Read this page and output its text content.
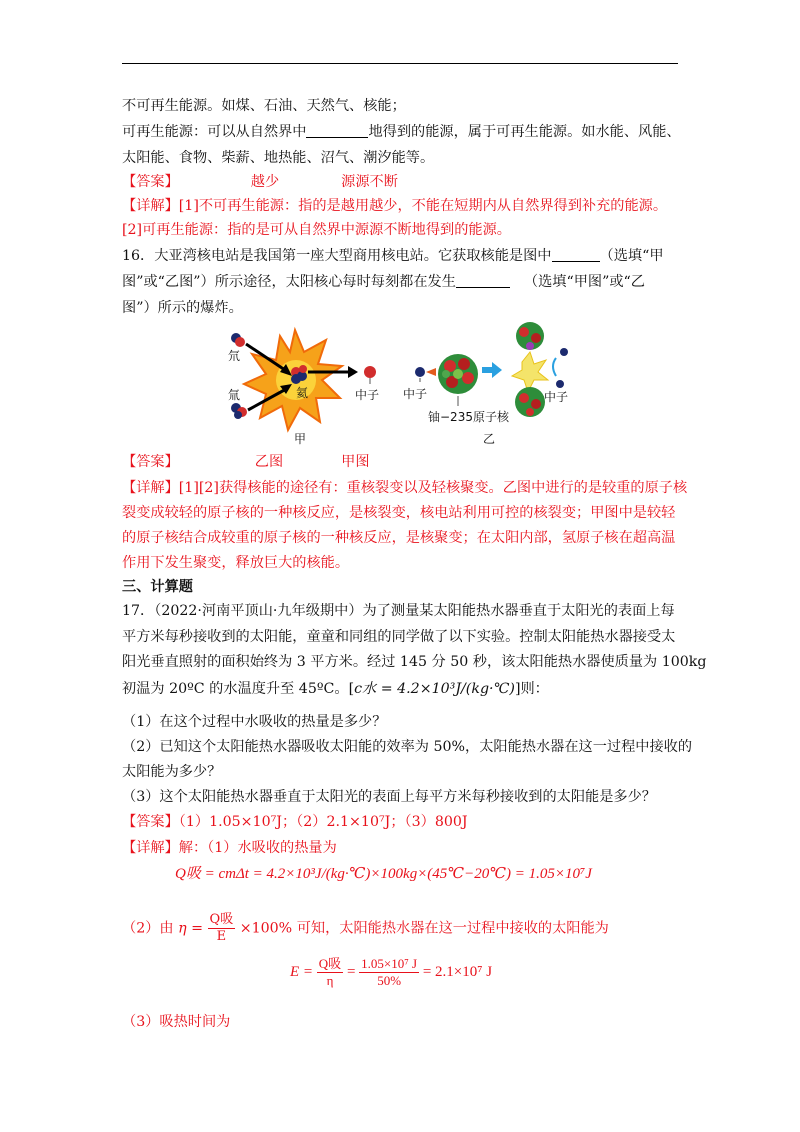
不可再生能源。如煤、石油、天然气、核能；
可再生能源：可以从自然界中	地得到的能源，属于可再生能源。如水能、风能、
太阳能、食物、柴薪、地热能、沼气、潮汐能等。
【答案】	越少	源源不断
【详解】[1]不可再生能源：指的是越用越少，不能在短期内从自然界得到补充的能源。
[2]可再生能源：指的是可从自然界中源源不断地得到的能源。
16．大亚湾核电站是我国第一座大型商用核电站。它获取核能是图中	（选填“甲
图”或“乙图”）所示途径，太阳核心每时每刻都在发生	（选填“甲图”或“乙
图”）所示的爆炸。
氘
氚	氦	中子 中子
铀−235原子核
中子
甲	乙
【答案】	乙图	甲图
【详解】[1][2]获得核能的途径有：重核裂变以及轻核聚变。乙图中进行的是较重的原子核
裂变成较轻的原子核的一种核反应，是核裂变，核电站利用可控的核裂变；甲图中是较轻
的原子核结合成较重的原子核的一种核反应，是核聚变；在太阳内部，氢原子核在超高温
作用下发生聚变，释放巨大的核能。
三、计算题
17．（2022·河南平顶山·九年级期中）为了测量某太阳能热水器垂直于太阳光的表面上每
平方米每秒接收到的太阳能，童童和同组的同学做了以下实验。控制太阳能热水器接受太
阳光垂直照射的面积始终为 3 平方米。经过 145 分 50 秒，该太阳能热水器使质量为 100kg
初温为 20ºC 的水温度升至 45ºC。[c水 = 4.2×10³J/(kg·℃)]则：
（1）在这个过程中水吸收的热量是多少？
（2）已知这个太阳能热水器吸收太阳能的效率为 50%，太阳能热水器在这一过程中接收的
太阳能为多少？
（3）这个太阳能热水器垂直于太阳光的表面上每平方米每秒接收到的太阳能是多少？
【答案】（1）1.05×10⁷J；（2）2.1×10⁷J；（3）800J
【详解】解：（1）水吸收的热量为
Q吸 = cmΔt = 4.2×10³J/(kg·℃)×100kg×(45℃−20℃) = 1.05×10⁷J
（2）由 $\eta = \frac{\text{Q吸}}{E} \times 100\%$ 可知，太阳能热水器在这一过程中接收的太阳能为
$E = \frac{\text{Q吸}}{\eta} = \frac{\text{1.05×10⁷ J}}{50\%} = 2.1\times 10^7$ J
（3）吸热时间为
